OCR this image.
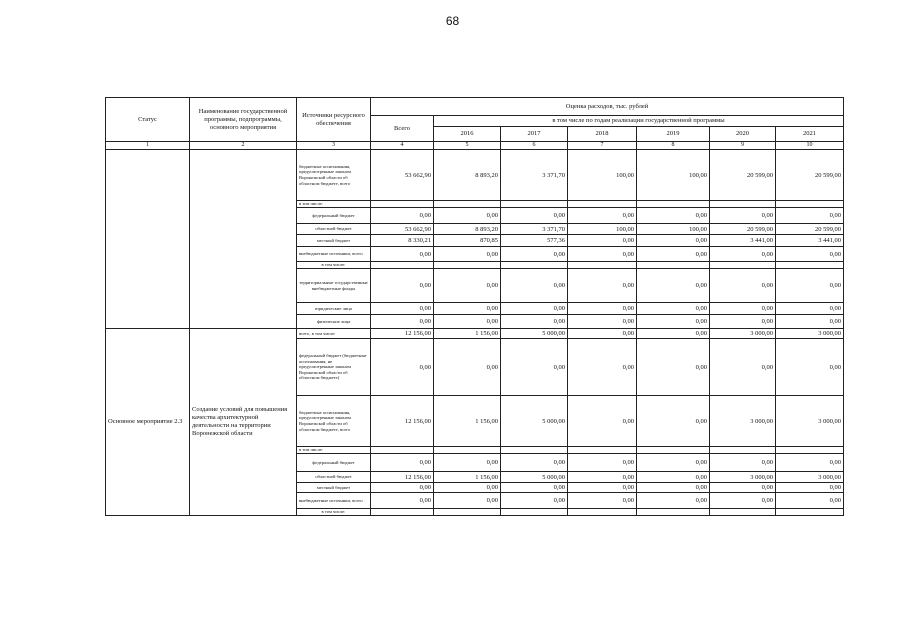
68
Статус	Наименование государственной программы, подпрограммы, основного мероприятия	Источники ресурсного обеспечения	Оценка расходов, тыс. рублей						
			Всего	в том числе по годам реализации государственной программы					
				2016	2017	2018	2019	2020	2021
1	2	3	4	5	6	7	8	9	10
		бюджетные ассигнования, предусмотренные законом Воронежской области об областном бюджете, всего	53 662,90	8 893,20	3 371,70	100,00	100,00	20 599,00	20 599,00
		в том числе:							
		федеральный бюджет	0,00	0,00	0,00	0,00	0,00	0,00	0,00
		областной бюджет	53 662,90	8 893,20	3 371,70	100,00	100,00	20 599,00	20 599,00
		местный бюджет	8 330,21	870,85	577,36	0,00	0,00	3 441,00	3 441,00
		внебюджетные источники, всего	0,00	0,00	0,00	0,00	0,00	0,00	0,00
		в том числе:							
		территориальные государственные внебюджетные фонды	0,00	0,00	0,00	0,00	0,00	0,00	0,00
		юридические лица	0,00	0,00	0,00	0,00	0,00	0,00	0,00
		физические лица	0,00	0,00	0,00	0,00	0,00	0,00	0,00
Основное мероприятие 2.3	Создание условий для повышения качества архитектурной деятельности на территории Воронежской области	всего, в том числе:	12 156,00	1 156,00	5 000,00	0,00	0,00	3 000,00	3 000,00
		федеральный бюджет (бюджетные ассигнования, не предусмотренные законом Воронежской области об областном бюджете)	0,00	0,00	0,00	0,00	0,00	0,00	0,00
		бюджетные ассигнования, предусмотренные законом Воронежской области об областном бюджете, всего	12 156,00	1 156,00	5 000,00	0,00	0,00	3 000,00	3 000,00
		в том числе:							
		федеральный бюджет	0,00	0,00	0,00	0,00	0,00	0,00	0,00
		областной бюджет	12 156,00	1 156,00	5 000,00	0,00	0,00	3 000,00	3 000,00
		местный бюджет	0,00	0,00	0,00	0,00	0,00	0,00	0,00
		внебюджетные источники, всего	0,00	0,00	0,00	0,00	0,00	0,00	0,00
		в том числе:							
